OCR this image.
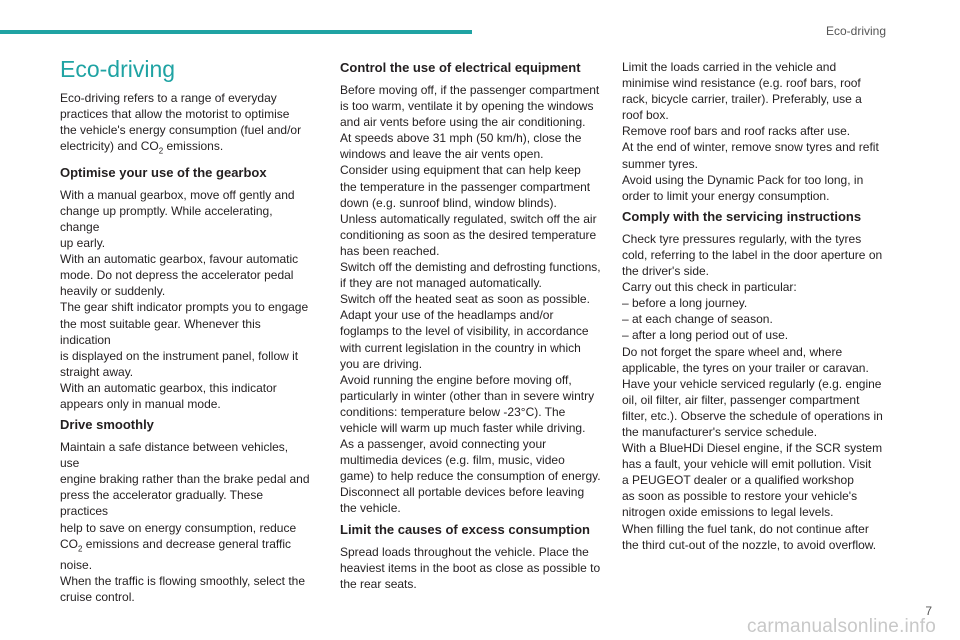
Eco-driving
Eco-driving

Eco-driving refers to a range of everyday
practices that allow the motorist to optimise
the vehicle's energy consumption (fuel and/or
electricity) and $CO_2$ emissions.

Optimise your use of the gearbox

With a manual gearbox, move off gently and
change up promptly. While accelerating, change
up early.
With an automatic gearbox, favour automatic
mode. Do not depress the accelerator pedal
heavily or suddenly.
The gear shift indicator prompts you to engage
the most suitable gear. Whenever this indication
is displayed on the instrument panel, follow it
straight away.
With an automatic gearbox, this indicator
appears only in manual mode.

Drive smoothly

Maintain a safe distance between vehicles, use
engine braking rather than the brake pedal and
press the accelerator gradually. These practices
help to save on energy consumption, reduce
$CO_2$ emissions and decrease general traffic
noise.
When the traffic is flowing smoothly, select the
cruise control.

Control the use of electrical equipment

Before moving off, if the passenger compartment
is too warm, ventilate it by opening the windows
and air vents before using the air conditioning.
At speeds above 31 mph (50 km/h), close the
windows and leave the air vents open.
Consider using equipment that can help keep
the temperature in the passenger compartment
down (e.g. sunroof blind, window blinds).
Unless automatically regulated, switch off the air
conditioning as soon as the desired temperature
has been reached.
Switch off the demisting and defrosting functions,
if they are not managed automatically.
Switch off the heated seat as soon as possible.
Adapt your use of the headlamps and/or
foglamps to the level of visibility, in accordance
with current legislation in the country in which
you are driving.
Avoid running the engine before moving off,
particularly in winter (other than in severe wintry
conditions: temperature below -23°C). The
vehicle will warm up much faster while driving.
As a passenger, avoid connecting your
multimedia devices (e.g. film, music, video
game) to help reduce the consumption of energy.
Disconnect all portable devices before leaving
the vehicle.

Limit the causes of excess consumption

Spread loads throughout the vehicle. Place the
heaviest items in the boot as close as possible to
the rear seats.

Limit the loads carried in the vehicle and
minimise wind resistance (e.g. roof bars, roof
rack, bicycle carrier, trailer). Preferably, use a
roof box.
Remove roof bars and roof racks after use.
At the end of winter, remove snow tyres and refit
summer tyres.
Avoid using the Dynamic Pack for too long, in
order to limit your energy consumption.

Comply with the servicing instructions

Check tyre pressures regularly, with the tyres
cold, referring to the label in the door aperture on
the driver's side.
Carry out this check in particular:
– before a long journey.
– at each change of season.
– after a long period out of use.
Do not forget the spare wheel and, where
applicable, the tyres on your trailer or caravan.
Have your vehicle serviced regularly (e.g. engine
oil, oil filter, air filter, passenger compartment
filter, etc.). Observe the schedule of operations in
the manufacturer's service schedule.
With a BlueHDi Diesel engine, if the SCR system
has a fault, your vehicle will emit pollution. Visit
a PEUGEOT dealer or a qualified workshop
as soon as possible to restore your vehicle's
nitrogen oxide emissions to legal levels.
When filling the fuel tank, do not continue after
the third cut-out of the nozzle, to avoid overflow.

7
carmanualsonline.info
